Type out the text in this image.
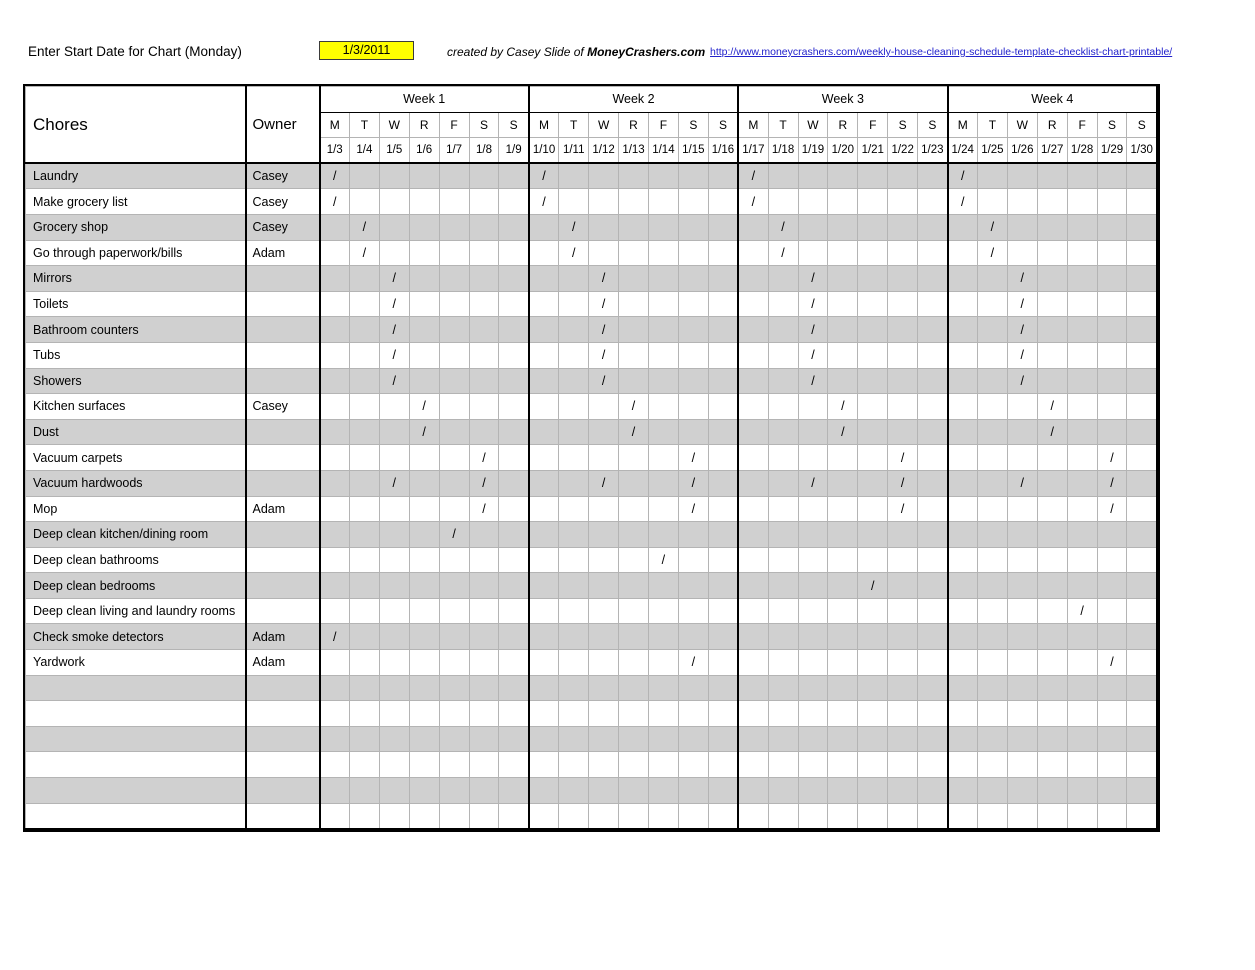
Enter Start Date for Chart (Monday)	1/3/2011	created by Casey Slide of MoneyCrashers.com http://www.moneycrashers.com/weekly-house-cleaning-schedule-template-checklist-chart-printable/
Chores	Owner	Week 1							Week 2							Week 3							Week 4						
		M	T	W	R	F	S	S	M	T	W	R	F	S	S	M	T	W	R	F	S	S	M	T	W	R	F	S	S
		1/3	1/4	1/5	1/6	1/7	1/8	1/9	1/10	1/11	1/12	1/13	1/14	1/15	1/16	1/17	1/18	1/19	1/20	1/21	1/22	1/23	1/24	1/25	1/26	1/27	1/28	1/29	1/30
Laundry	Casey	/							/							/							/						
Make grocery list	Casey	/							/							/							/						
Grocery shop	Casey		/							/							/							/					
Go through paperwork/bills	Adam		/							/							/							/					
Mirrors				/							/							/							/				
Toilets				/							/							/							/				
Bathroom counters				/							/							/							/				
Tubs				/							/							/							/				
Showers				/							/							/							/				
Kitchen surfaces	Casey				/							/							/							/			
Dust					/							/							/							/			
Vacuum carpets							/							/							/							/	
Vacuum hardwoods				/			/				/			/				/			/				/			/	
Mop	Adam						/							/							/							/	
Deep clean kitchen/dining room						/																							
Deep clean bathrooms													/																
Deep clean bedrooms																				/									
Deep clean living and laundry rooms																											/		
Check smoke detectors	Adam	/																											
Yardwork	Adam													/														/	
